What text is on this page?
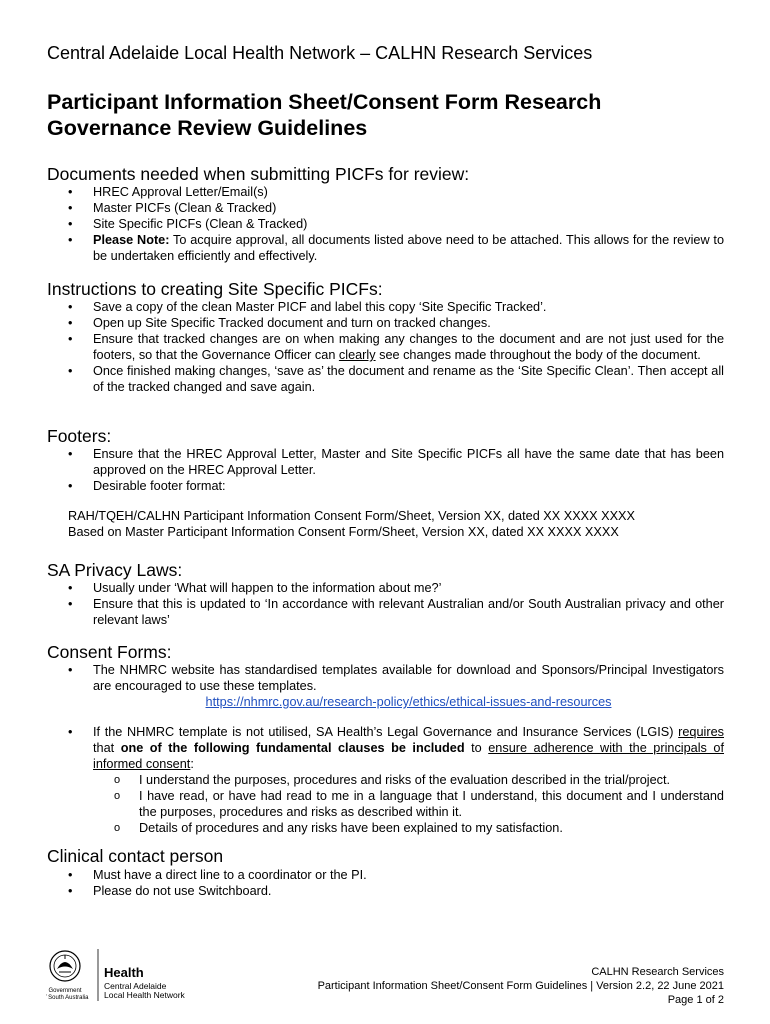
Central Adelaide Local Health Network – CALHN Research Services
Participant Information Sheet/Consent Form Research Governance Review Guidelines
Documents needed when submitting PICFs for review:
• HREC Approval Letter/Email(s)
• Master PICFs (Clean & Tracked)
• Site Specific PICFs (Clean & Tracked)
• Please Note: To acquire approval, all documents listed above need to be attached. This allows for the review to be undertaken efficiently and effectively.
Instructions to creating Site Specific PICFs:
• Save a copy of the clean Master PICF and label this copy ‘Site Specific Tracked’.
• Open up Site Specific Tracked document and turn on tracked changes.
• Ensure that tracked changes are on when making any changes to the document and are not just used for the footers, so that the Governance Officer can clearly see changes made throughout the body of the document.
• Once finished making changes, ‘save as’ the document and rename as the ‘Site Specific Clean’. Then accept all of the tracked changed and save again.
Footers:
• Ensure that the HREC Approval Letter, Master and Site Specific PICFs all have the same date that has been approved on the HREC Approval Letter.
• Desirable footer format:
RAH/TQEH/CALHN Participant Information Consent Form/Sheet, Version XX, dated XX XXXX XXXX
Based on Master Participant Information Consent Form/Sheet, Version XX, dated XX XXXX XXXX
SA Privacy Laws:
• Usually under ‘What will happen to the information about me?’
• Ensure that this is updated to ‘In accordance with relevant Australian and/or South Australian privacy and other relevant laws’
Consent Forms:
• The NHMRC website has standardised templates available for download and Sponsors/Principal Investigators are encouraged to use these templates.
https://nhmrc.gov.au/research-policy/ethics/ethical-issues-and-resources
• If the NHMRC template is not utilised, SA Health’s Legal Governance and Insurance Services (LGIS) requires that one of the following fundamental clauses be included to ensure adherence with the principals of informed consent:
o I understand the purposes, procedures and risks of the evaluation described in the trial/project.
o I have read, or have had read to me in a language that I understand, this document and I understand the purposes, procedures and risks as described within it.
o Details of procedures and any risks have been explained to my satisfaction.
Clinical contact person
• Must have a direct line to a coordinator or the PI.
• Please do not use Switchboard.
Health
Central Adelaide
Local Health Network
Government
of South Australia
CALHN Research Services
Participant Information Sheet/Consent Form Guidelines | Version 2.2, 22 June 2021
Page 1 of 2
